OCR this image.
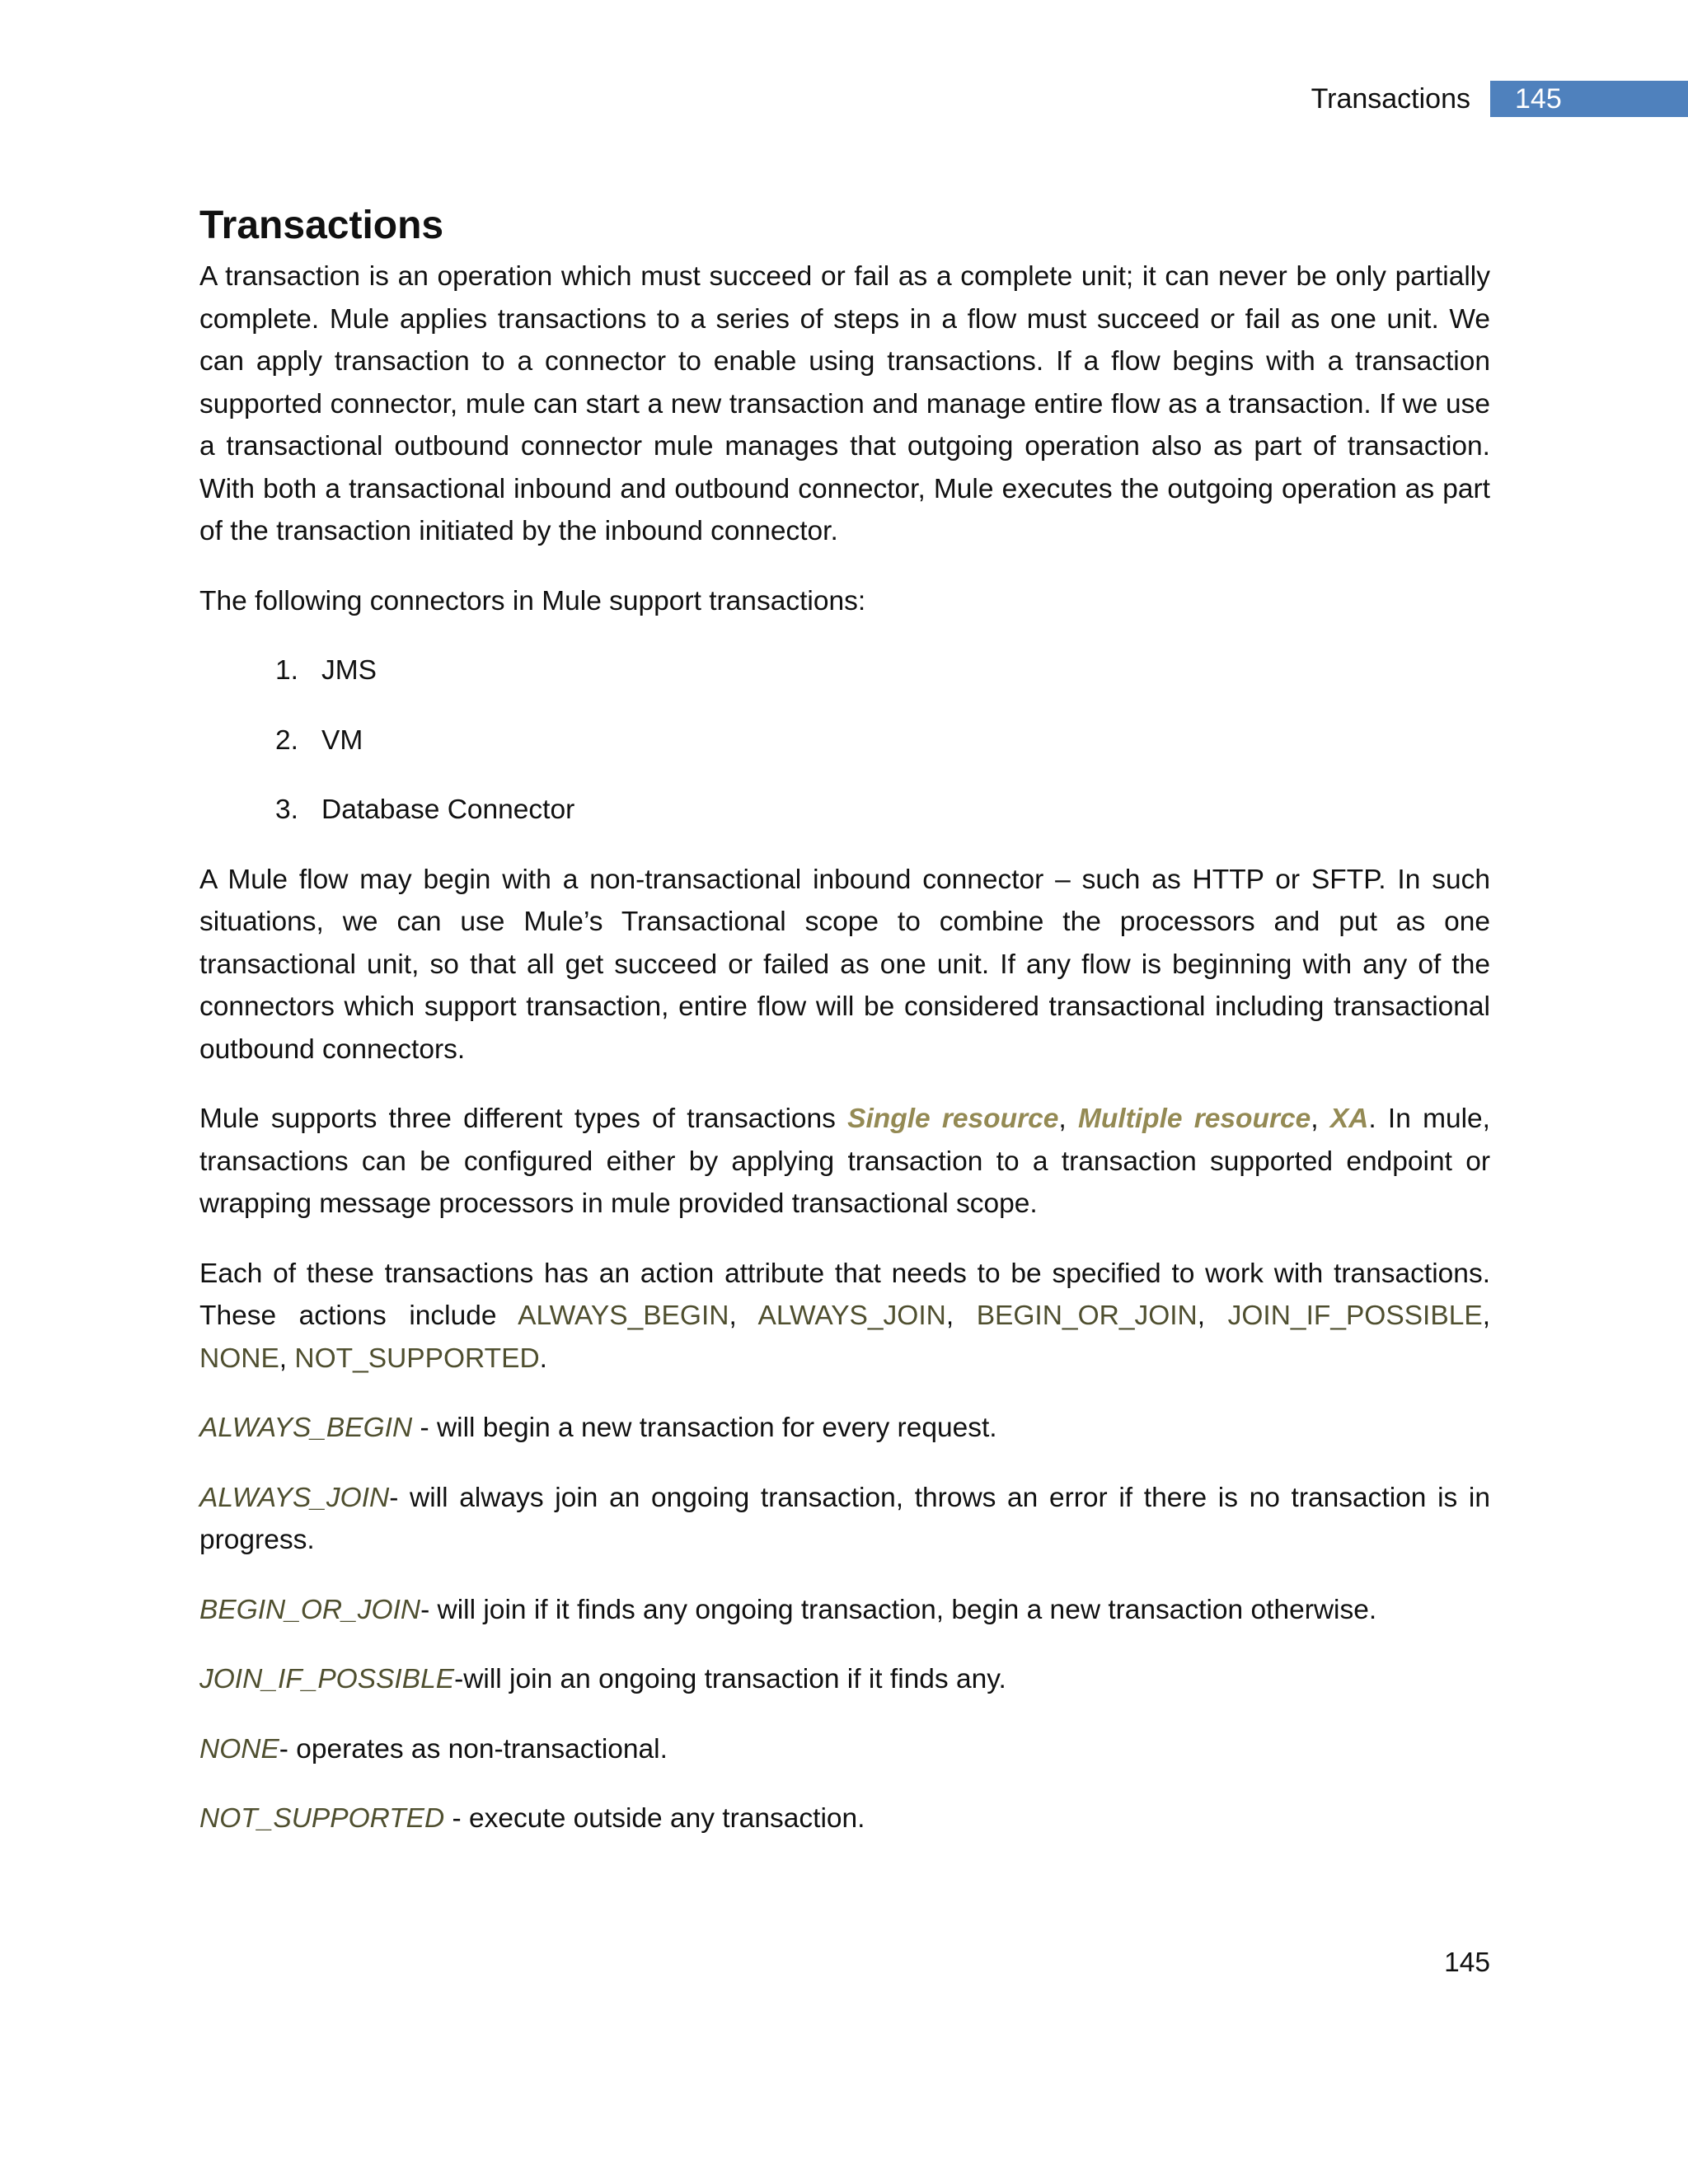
Transactions	145
Transactions

A transaction is an operation which must succeed or fail as a complete unit; it can never be only partially complete. Mule applies transactions to a series of steps in a flow must succeed or fail as one unit. We can apply transaction to a connector to enable using transactions. If a flow begins with a transaction supported connector, mule can start a new transaction and manage entire flow as a transaction. If we use a transactional outbound connector mule manages that outgoing operation also as part of transaction. With both a transactional inbound and outbound connector, Mule executes the outgoing operation as part of the transaction initiated by the inbound connector.

The following connectors in Mule support transactions:

1. JMS
2. VM
3. Database Connector

A Mule flow may begin with a non-transactional inbound connector – such as HTTP or SFTP. In such situations, we can use Mule’s Transactional scope to combine the processors and put as one transactional unit, so that all get succeed or failed as one unit. If any flow is beginning with any of the connectors which support transaction, entire flow will be considered transactional including transactional outbound connectors.

Mule supports three different types of transactions Single resource, Multiple resource, XA. In mule, transactions can be configured either by applying transaction to a transaction supported endpoint or wrapping message processors in mule provided transactional scope.

Each of these transactions has an action attribute that needs to be specified to work with transactions. These actions include ALWAYS_BEGIN, ALWAYS_JOIN, BEGIN_OR_JOIN, JOIN_IF_POSSIBLE, NONE, NOT_SUPPORTED.

ALWAYS_BEGIN - will begin a new transaction for every request.

ALWAYS_JOIN- will always join an ongoing transaction, throws an error if there is no transaction is in progress.

BEGIN_OR_JOIN- will join if it finds any ongoing transaction, begin a new transaction otherwise.

JOIN_IF_POSSIBLE-will join an ongoing transaction if it finds any.

NONE- operates as non-transactional.

NOT_SUPPORTED - execute outside any transaction.

145
